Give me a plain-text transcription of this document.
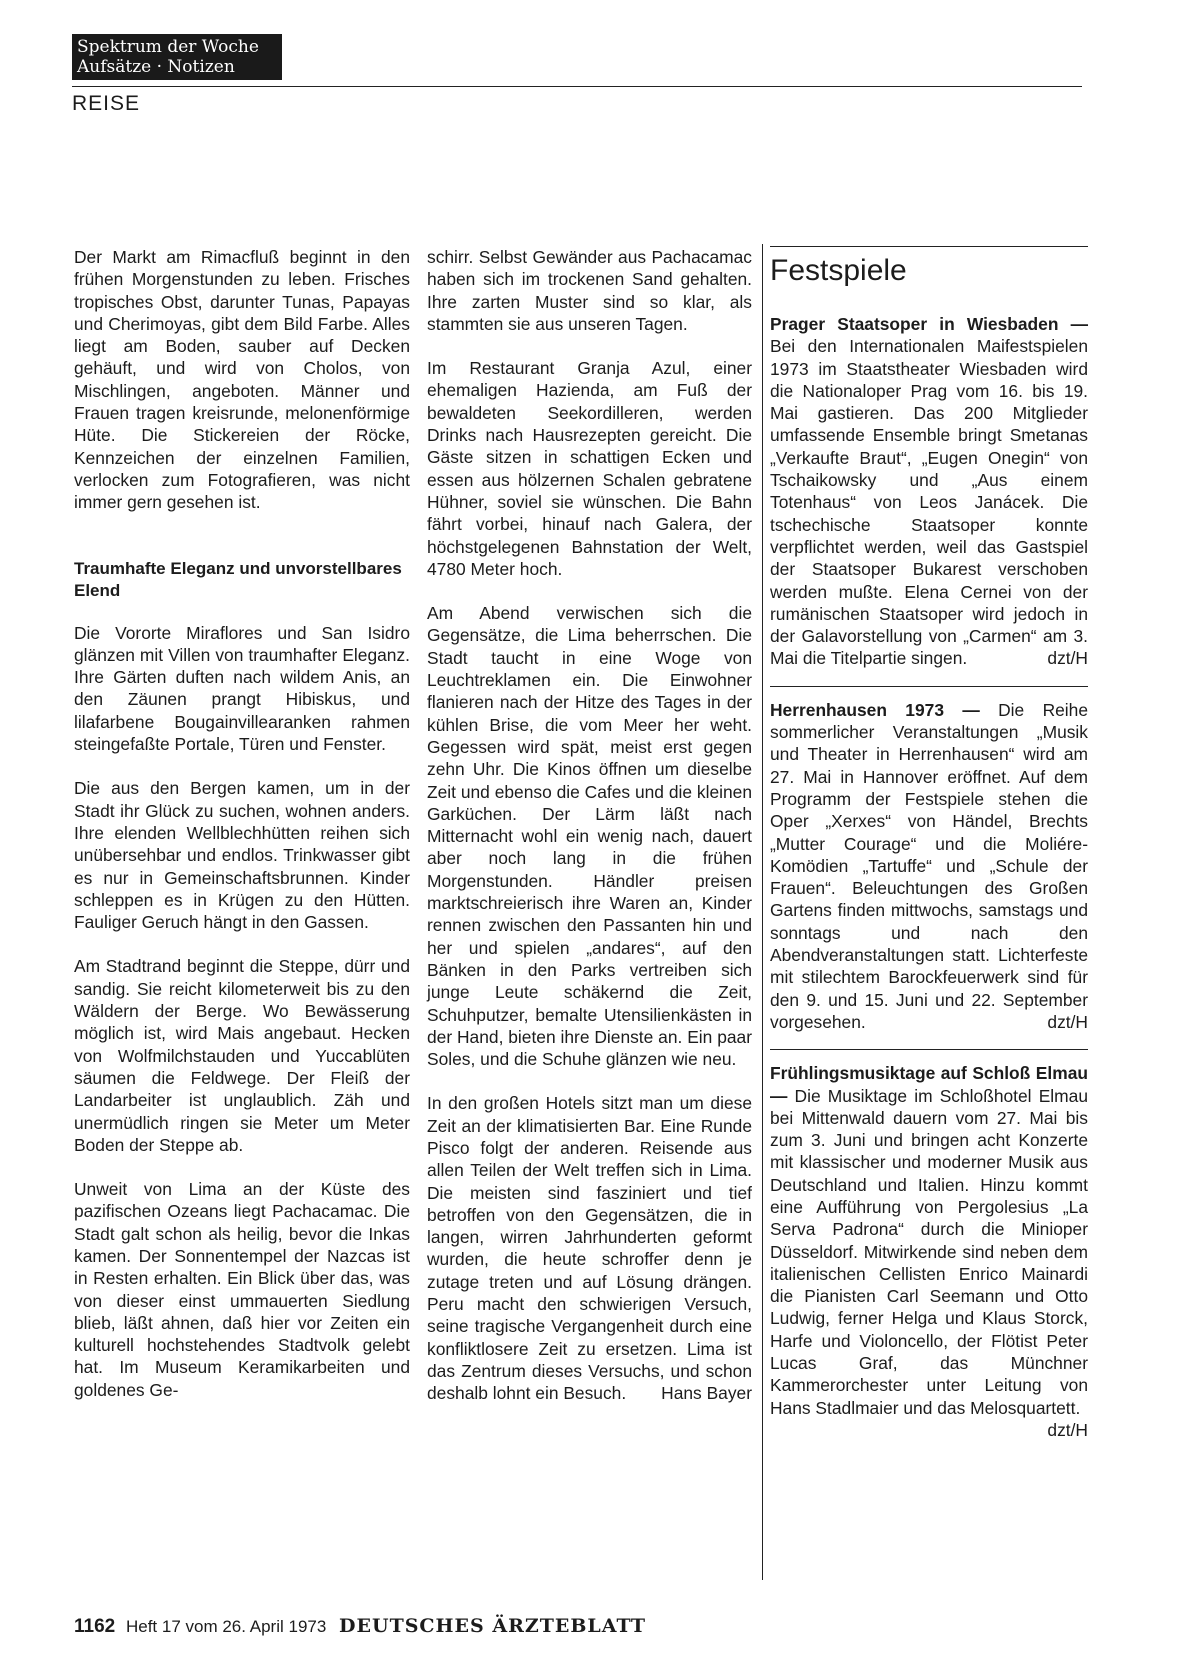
Spektrum der Woche
Aufsätze · Notizen
REISE

Der Markt am Rimacfluß beginnt in den frühen Morgenstunden zu leben. Frisches tropisches Obst, darunter Tunas, Papayas und Cherimoyas, gibt dem Bild Farbe. Alles liegt am Boden, sauber auf Decken gehäuft, und wird von Cholos, von Mischlingen, angeboten. Männer und Frauen tragen kreisrunde, melonenförmige Hüte. Die Stickereien der Röcke, Kennzeichen der einzelnen Familien, verlocken zum Fotografieren, was nicht immer gern gesehen ist.

Traumhafte Eleganz und unvorstellbares Elend

Die Vororte Miraflores und San Isidro glänzen mit Villen von traumhafter Eleganz. Ihre Gärten duften nach wildem Anis, an den Zäunen prangt Hibiskus, und lilafarbene Bougainvillearanken rahmen steingefaßte Portale, Türen und Fenster.

Die aus den Bergen kamen, um in der Stadt ihr Glück zu suchen, wohnen anders. Ihre elenden Wellblechhütten reihen sich unübersehbar und endlos. Trinkwasser gibt es nur in Gemeinschaftsbrunnen. Kinder schleppen es in Krügen zu den Hütten. Fauliger Geruch hängt in den Gassen.

Am Stadtrand beginnt die Steppe, dürr und sandig. Sie reicht kilometerweit bis zu den Wäldern der Berge. Wo Bewässerung möglich ist, wird Mais angebaut. Hecken von Wolfmilchstauden und Yuccablüten säumen die Feldwege. Der Fleiß der Landarbeiter ist unglaublich. Zäh und unermüdlich ringen sie Meter um Meter Boden der Steppe ab.

Unweit von Lima an der Küste des pazifischen Ozeans liegt Pachacamac. Die Stadt galt schon als heilig, bevor die Inkas kamen. Der Sonnentempel der Nazcas ist in Resten erhalten. Ein Blick über das, was von dieser einst ummauerten Siedlung blieb, läßt ahnen, daß hier vor Zeiten ein kulturell hochstehendes Stadtvolk gelebt hat. Im Museum Keramikarbeiten und goldenes Ge-

schirr. Selbst Gewänder aus Pachacamac haben sich im trockenen Sand gehalten. Ihre zarten Muster sind so klar, als stammten sie aus unseren Tagen.

Im Restaurant Granja Azul, einer ehemaligen Hazienda, am Fuß der bewaldeten Seekordilleren, werden Drinks nach Hausrezepten gereicht. Die Gäste sitzen in schattigen Ecken und essen aus hölzernen Schalen gebratene Hühner, soviel sie wünschen. Die Bahn fährt vorbei, hinauf nach Galera, der höchstgelegenen Bahnstation der Welt, 4780 Meter hoch.

Am Abend verwischen sich die Gegensätze, die Lima beherrschen. Die Stadt taucht in eine Woge von Leuchtreklamen ein. Die Einwohner flanieren nach der Hitze des Tages in der kühlen Brise, die vom Meer her weht. Gegessen wird spät, meist erst gegen zehn Uhr. Die Kinos öffnen um dieselbe Zeit und ebenso die Cafes und die kleinen Garküchen. Der Lärm läßt nach Mitternacht wohl ein wenig nach, dauert aber noch lang in die frühen Morgenstunden. Händler preisen marktschreierisch ihre Waren an, Kinder rennen zwischen den Passanten hin und her und spielen „andares“, auf den Bänken in den Parks vertreiben sich junge Leute schäkernd die Zeit, Schuhputzer, bemalte Utensilienkästen in der Hand, bieten ihre Dienste an. Ein paar Soles, und die Schuhe glänzen wie neu.

In den großen Hotels sitzt man um diese Zeit an der klimatisierten Bar. Eine Runde Pisco folgt der anderen. Reisende aus allen Teilen der Welt treffen sich in Lima. Die meisten sind fasziniert und tief betroffen von den Gegensätzen, die in langen, wirren Jahrhunderten geformt wurden, die heute schroffer denn je zutage treten und auf Lösung drängen. Peru macht den schwierigen Versuch, seine tragische Vergangenheit durch eine konfliktlosere Zeit zu ersetzen. Lima ist das Zentrum dieses Versuchs, und schon deshalb lohnt ein Besuch. Hans Bayer

Festspiele

Prager Staatsoper in Wiesbaden — Bei den Internationalen Maifestspielen 1973 im Staatstheater Wiesbaden wird die Nationaloper Prag vom 16. bis 19. Mai gastieren. Das 200 Mitglieder umfassende Ensemble bringt Smetanas „Verkaufte Braut“, „Eugen Onegin“ von Tschaikowsky und „Aus einem Totenhaus“ von Leos Janácek. Die tschechische Staatsoper konnte verpflichtet werden, weil das Gastspiel der Staatsoper Bukarest verschoben werden mußte. Elena Cernei von der rumänischen Staatsoper wird jedoch in der Galavorstellung von „Carmen“ am 3. Mai die Titelpartie singen.	dzt/H

Herrenhausen 1973 — Die Reihe sommerlicher Veranstaltungen „Musik und Theater in Herrenhausen“ wird am 27. Mai in Hannover eröffnet. Auf dem Programm der Festspiele stehen die Oper „Xerxes“ von Händel, Brechts „Mutter Courage“ und die Moliére-Komödien „Tartuffe“ und „Schule der Frauen“. Beleuchtungen des Großen Gartens finden mittwochs, samstags und sonntags und nach den Abendveranstaltungen statt. Lichterfeste mit stilechtem Barockfeuerwerk sind für den 9. und 15. Juni und 22. September vorgesehen.	dzt/H

Frühlingsmusiktage auf Schloß Elmau — Die Musiktage im Schloßhotel Elmau bei Mittenwald dauern vom 27. Mai bis zum 3. Juni und bringen acht Konzerte mit klassischer und moderner Musik aus Deutschland und Italien. Hinzu kommt eine Aufführung von Pergolesius „La Serva Padrona“ durch die Minioper Düsseldorf. Mitwirkende sind neben dem italienischen Cellisten Enrico Mainardi die Pianisten Carl Seemann und Otto Ludwig, ferner Helga und Klaus Storck, Harfe und Violoncello, der Flötist Peter Lucas Graf, das Münchner Kammerorchester unter Leitung von Hans Stadlmaier und das Melosquartett.
dzt/H

1162 Heft 17 vom 26. April 1973 DEUTSCHES ÄRZTEBLATT
